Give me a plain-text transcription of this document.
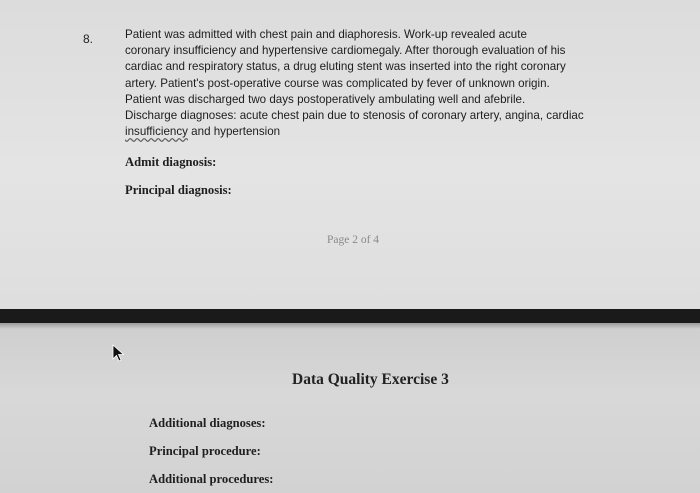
8.	Patient was admitted with chest pain and diaphoresis. Work-up revealed acute
coronary insufficiency and hypertensive cardiomegaly. After thorough evaluation of his
cardiac and respiratory status, a drug eluting stent was inserted into the right coronary
artery. Patient's post-operative course was complicated by fever of unknown origin.
Patient was discharged two days postoperatively ambulating well and afebrile.
Discharge diagnoses: acute chest pain due to stenosis of coronary artery, angina, cardiac
insufficiency and hypertension
Admit diagnosis:
Principal diagnosis:
Page 2 of 4
Data Quality Exercise 3
Additional diagnoses:
Principal procedure:
Additional procedures:
